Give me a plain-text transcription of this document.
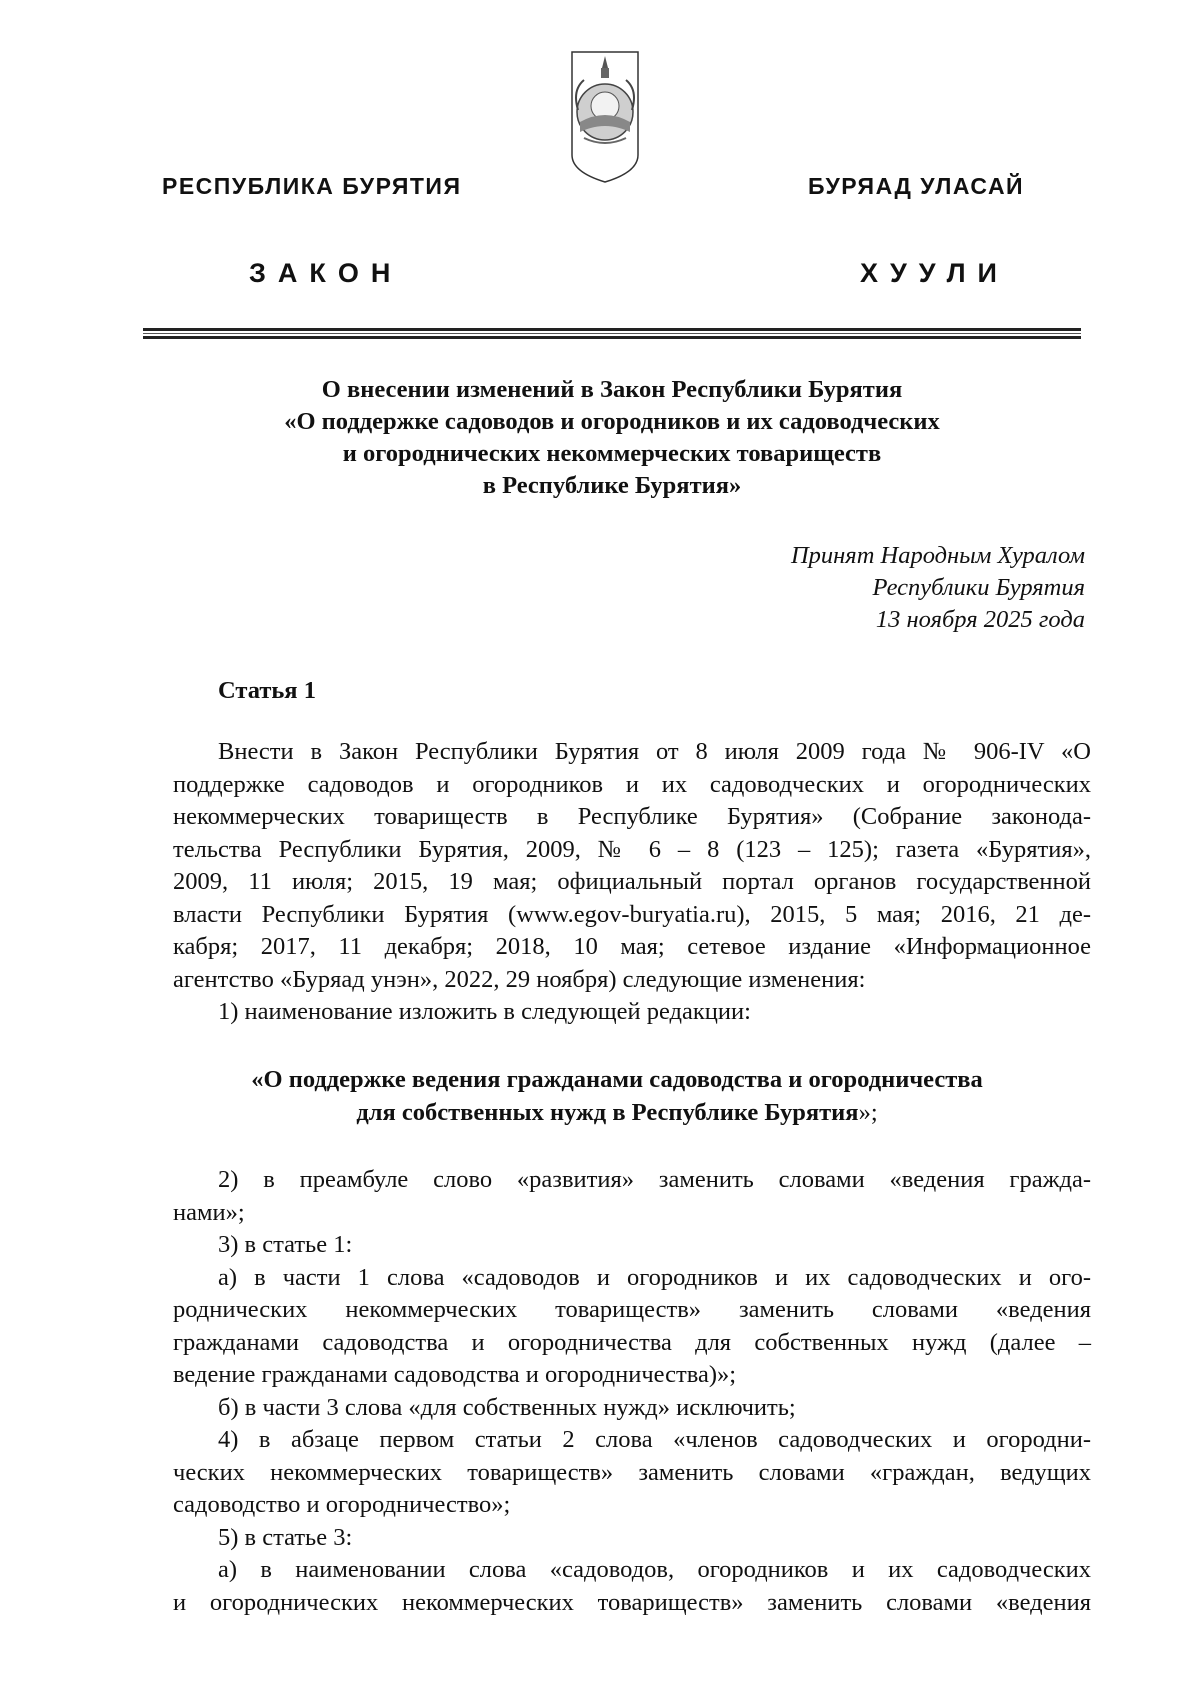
РЕСПУБЛИКА БУРЯТИЯ	БУРЯАД УЛАСАЙ
ЗАКОН	ХУУЛИ
О внесении изменений в Закон Республики Бурятия
«О поддержке садоводов и огородников и их садоводческих
и огороднических некоммерческих товариществ
в Республике Бурятия»
Принят Народным Хуралом
Республики Бурятия
13 ноября 2025 года
Статья 1
Внести в Закон Республики Бурятия от 8 июля 2009 года № 906-IV «О
поддержке садоводов и огородников и их садоводческих и огороднических
некоммерческих товариществ в Республике Бурятия» (Собрание законода-
тельства Республики Бурятия, 2009, № 6 – 8 (123 – 125); газета «Бурятия»,
2009, 11 июля; 2015, 19 мая; официальный портал органов государственной
власти Республики Бурятия (www.egov-buryatia.ru), 2015, 5 мая; 2016, 21 де-
кабря; 2017, 11 декабря; 2018, 10 мая; сетевое издание «Информационное
агентство «Буряад унэн», 2022, 29 ноября) следующие изменения:
1) наименование изложить в следующей редакции:
«О поддержке ведения гражданами садоводства и огородничества
для собственных нужд в Республике Бурятия»;
2) в преамбуле слово «развития» заменить словами «ведения гражда-
нами»;
3) в статье 1:
а) в части 1 слова «садоводов и огородников и их садоводческих и ого-
роднических некоммерческих товариществ» заменить словами «ведения
гражданами садоводства и огородничества для собственных нужд (далее –
ведение гражданами садоводства и огородничества)»;
б) в части 3 слова «для собственных нужд» исключить;
4) в абзаце первом статьи 2 слова «членов садоводческих и огородни-
ческих некоммерческих товариществ» заменить словами «граждан, ведущих
садоводство и огородничество»;
5) в статье 3:
а) в наименовании слова «садоводов, огородников и их садоводческих
и огороднических некоммерческих товариществ» заменить словами «ведения
